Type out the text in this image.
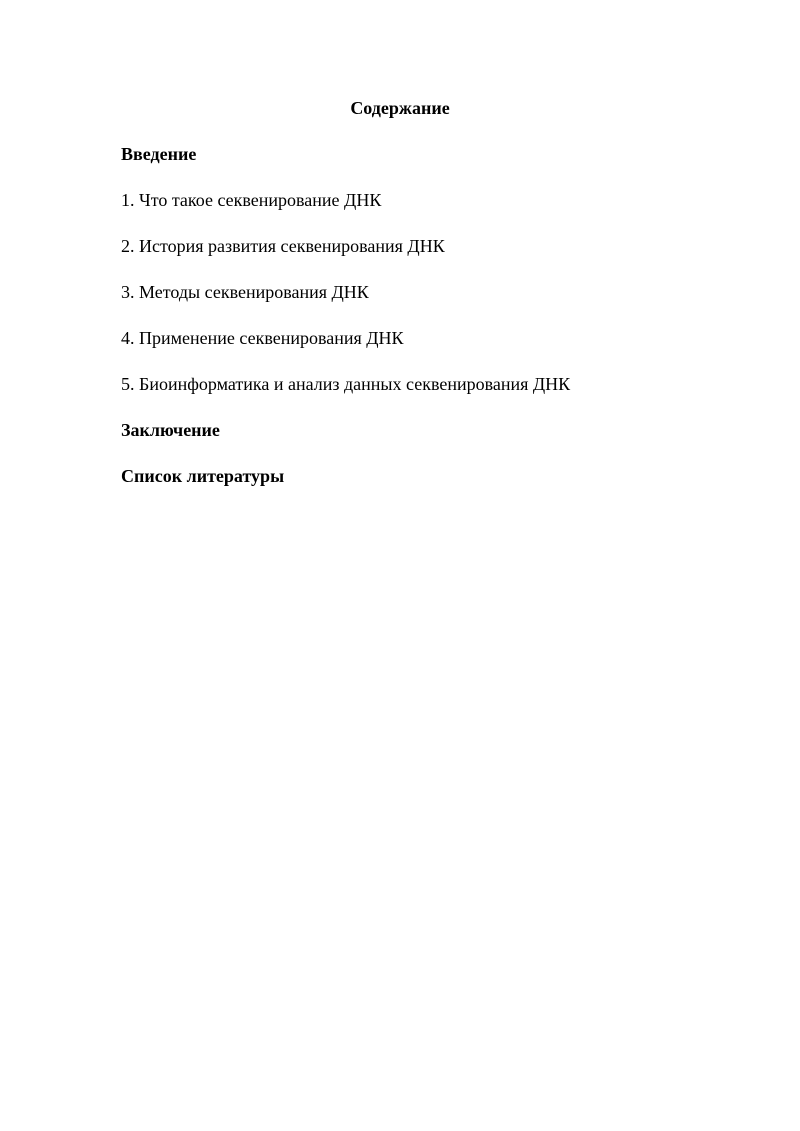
Содержание
Введение
1. Что такое секвенирование ДНК
2. История развития секвенирования ДНК
3. Методы секвенирования ДНК
4. Применение секвенирования ДНК
5. Биоинформатика и анализ данных секвенирования ДНК
Заключение
Список литературы
